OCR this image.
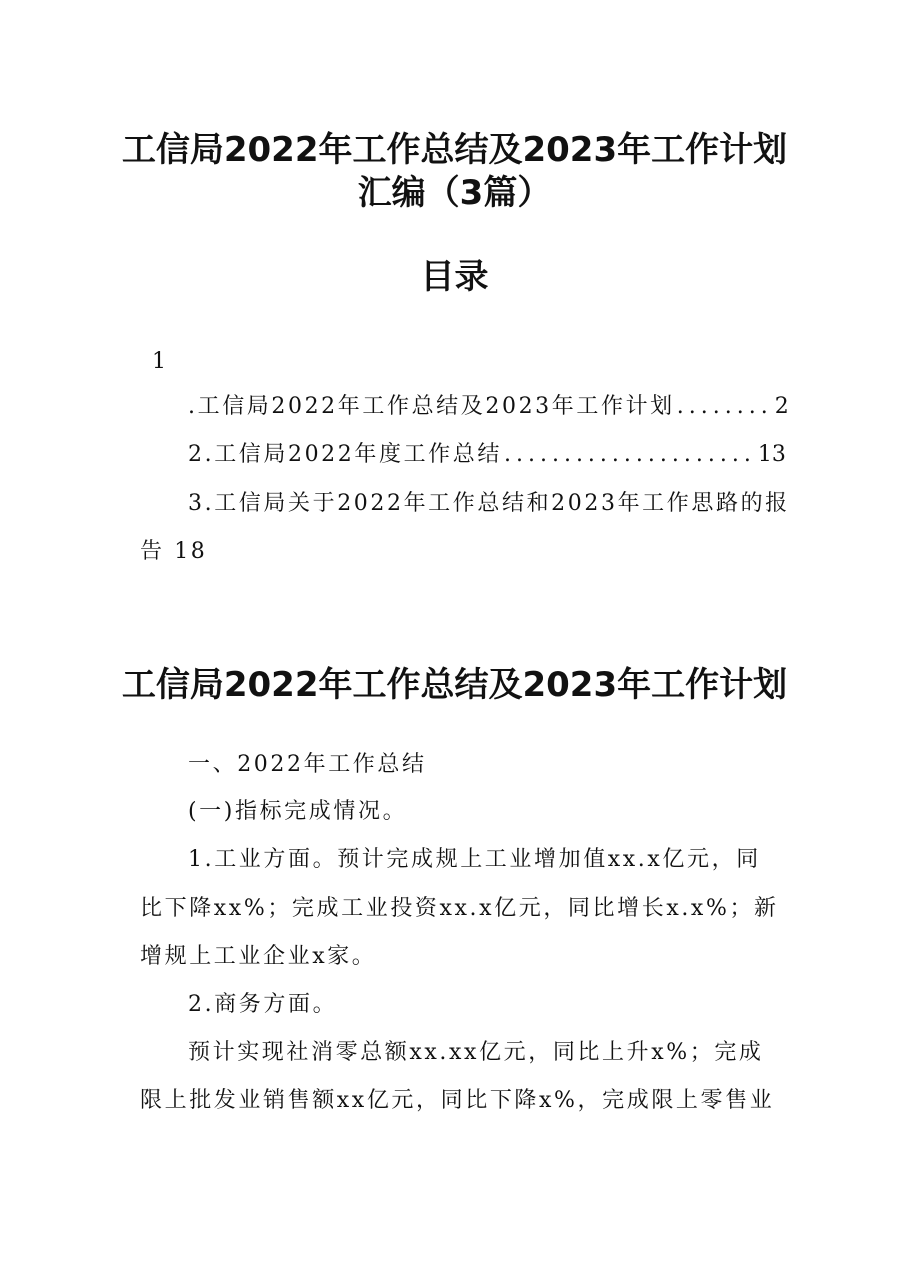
工信局2022年工作总结及2023年工作计划
汇编（3篇）
目录

1

.工信局2022年工作总结及2023年工作计划 ........ 2
2.工信局2022年度工作总结 ..................... 13

3.工信局关于2022年工作总结和2023年工作思路的报

告 18

工信局2022年工作总结及2023年工作计划

一、2022年工作总结

(一)指标完成情况。

1.工业方面。预计完成规上工业增加值xx.x亿元，同

比下降xx%；完成工业投资xx.x亿元，同比增长x.x%；新

增规上工业企业x家。

2.商务方面。

预计实现社消零总额xx.xx亿元，同比上升x%；完成

限上批发业销售额xx亿元，同比下降x%，完成限上零售业
